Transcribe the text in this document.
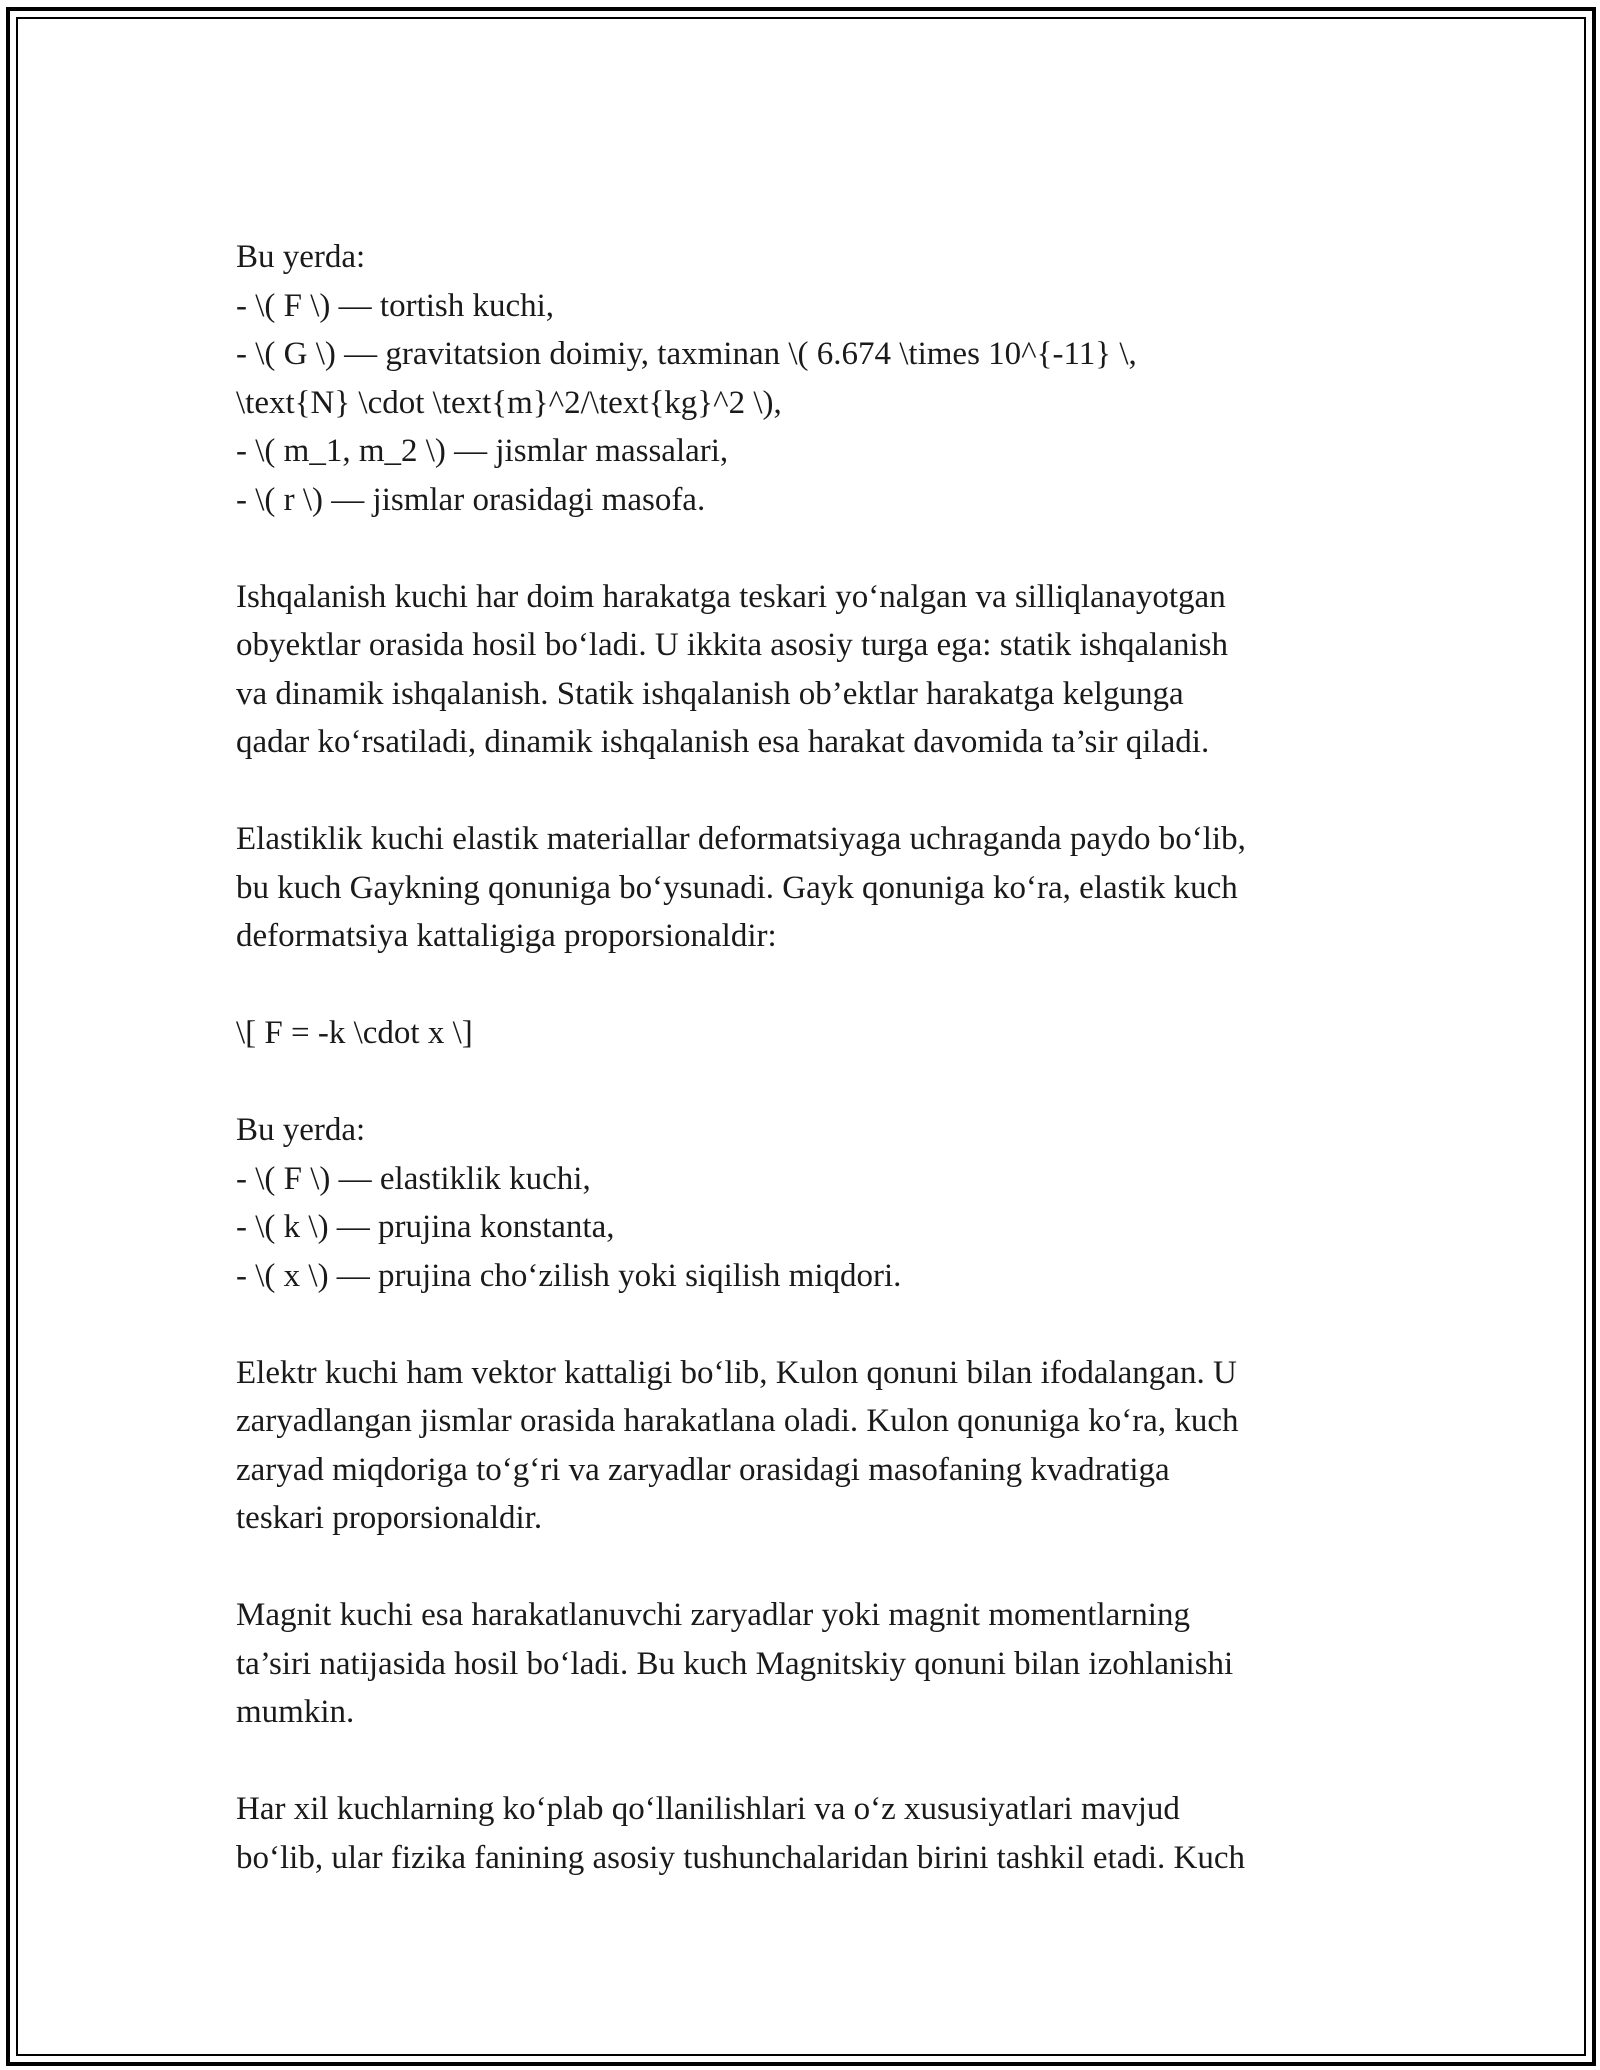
Bu yerda:
- \( F \) — tortish kuchi,
- \( G \) — gravitatsion doimiy, taxminan \( 6.674 \times 10^{-11} \,
\text{N} \cdot \text{m}^2/\text{kg}^2 \),
- \( m_1, m_2 \) — jismlar massalari,
- \( r \) — jismlar orasidagi masofa.

Ishqalanish kuchi har doim harakatga teskari yo‘nalgan va silliqlanayotgan
obyektlar orasida hosil bo‘ladi. U ikkita asosiy turga ega: statik ishqalanish
va dinamik ishqalanish. Statik ishqalanish ob’ektlar harakatga kelgunga
qadar ko‘rsatiladi, dinamik ishqalanish esa harakat davomida ta’sir qiladi.

Elastiklik kuchi elastik materiallar deformatsiyaga uchraganda paydo bo‘lib,
bu kuch Gaykning qonuniga bo‘ysunadi. Gayk qonuniga ko‘ra, elastik kuch
deformatsiya kattaligiga proporsionaldir:

\[ F = -k \cdot x \]

Bu yerda:
- \( F \) — elastiklik kuchi,
- \( k \) — prujina konstanta,
- \( x \) — prujina cho‘zilish yoki siqilish miqdori.

Elektr kuchi ham vektor kattaligi bo‘lib, Kulon qonuni bilan ifodalangan. U
zaryadlangan jismlar orasida harakatlana oladi. Kulon qonuniga ko‘ra, kuch
zaryad miqdoriga to‘g‘ri va zaryadlar orasidagi masofaning kvadratiga
teskari proporsionaldir.

Magnit kuchi esa harakatlanuvchi zaryadlar yoki magnit momentlarning
ta’siri natijasida hosil bo‘ladi. Bu kuch Magnitskiy qonuni bilan izohlanishi
mumkin.

Har xil kuchlarning ko‘plab qo‘llanilishlari va o‘z xususiyatlari mavjud
bo‘lib, ular fizika fanining asosiy tushunchalaridan birini tashkil etadi. Kuch
